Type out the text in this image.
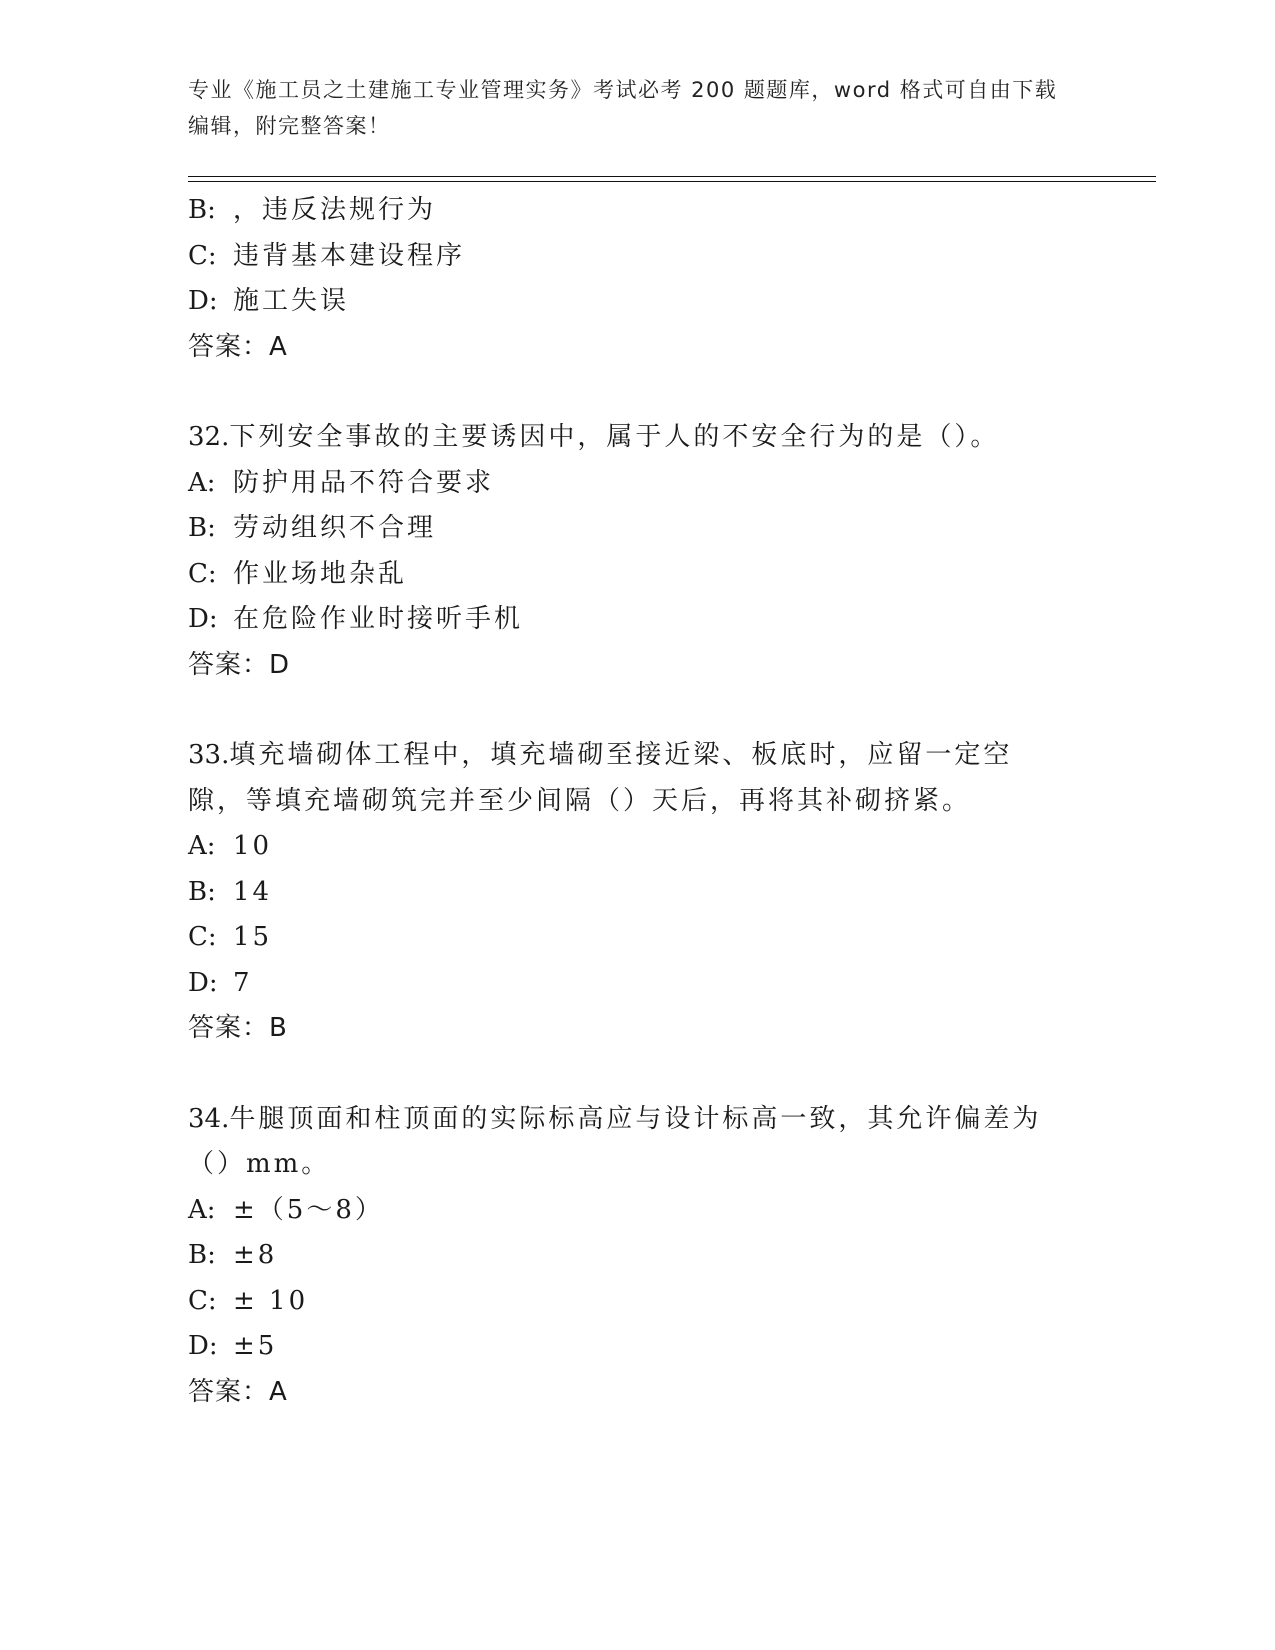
专业《施工员之土建施工专业管理实务》考试必考 200 题题库，word 格式可自由下载编辑，附完整答案！
B: ，违反法规行为
C: 违背基本建设程序
D: 施工失误
答案：A
32.下列安全事故的主要诱因中，属于人的不安全行为的是（）。
A: 防护用品不符合要求
B: 劳动组织不合理
C: 作业场地杂乱
D: 在危险作业时接听手机
答案：D
33.填充墙砌体工程中，填充墙砌至接近梁、板底时，应留一定空隙，等填充墙砌筑完并至少间隔（）天后，再将其补砌挤紧。
A: 10
B: 14
C: 15
D: 7
答案：B
34.牛腿顶面和柱顶面的实际标高应与设计标高一致，其允许偏差为（）mm。
A: ±（5～8）
B: ±8
C: ± 10
D: ±5
答案：A
